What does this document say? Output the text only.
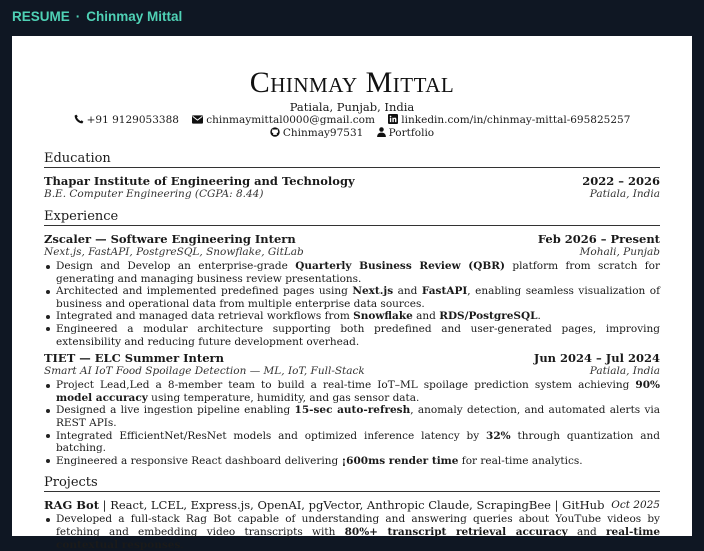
RESUME · Chinmay Mittal
Chinmay Mittal
Patiala, Punjab, India
+91 9129053388	chinmaymittal0000@gmail.com	linkedin.com/in/chinmay-mittal-695825257
Chinmay97531 Portfolio
Education
Thapar Institute of Engineering and Technology	2022 – 2026
B.E. Computer Engineering (CGPA: 8.44)	Patiala, India
Experience
Zscaler — Software Engineering Intern	Feb 2026 – Present
Next.js, FastAPI, PostgreSQL, Snowflake, GitLab	Mohali, Punjab
Design and Develop an enterprise-grade Quarterly Business Review (QBR) platform from scratch for generating and managing business review presentations.
Architected and implemented predefined pages using Next.js and FastAPI, enabling seamless visualization of business and operational data from multiple enterprise data sources.
Integrated and managed data retrieval workflows from Snowflake and RDS/PostgreSQL.
Engineered a modular architecture supporting both predefined and user-generated pages, improving extensibility and reducing future development overhead.
TIET — ELC Summer Intern	Jun 2024 – Jul 2024
Smart AI IoT Food Spoilage Detection — ML, IoT, Full-Stack	Patiala, India
Project Lead,Led a 8-member team to build a real-time IoT–ML spoilage prediction system achieving 90% model accuracy using temperature, humidity, and gas sensor data.
Designed a live ingestion pipeline enabling 15-sec auto-refresh, anomaly detection, and automated alerts via REST APIs.
Integrated EfficientNet/ResNet models and optimized inference latency by 32% through quantization and batching.
Engineered a responsive React dashboard delivering ¡600ms render time for real-time analytics.
Projects
RAG Bot | React, LCEL, Express.js, OpenAI, pgVector, Anthropic Claude, ScrapingBee | GitHub Oct 2025
Developed a full-stack Rag Bot capable of understanding and answering queries about YouTube videos by fetching and embedding video transcripts with 80%+ transcript retrieval accuracy and real-time contextual responses.
